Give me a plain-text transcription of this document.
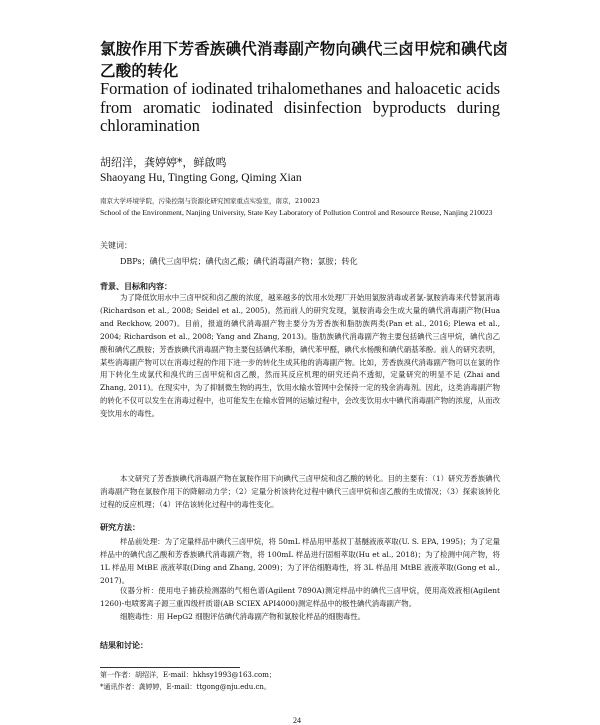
氯胺作用下芳香族碘代消毒副产物向碘代三卤甲烷和碘代卤乙酸的转化
Formation of iodinated trihalomethanes and haloacetic acids from aromatic iodinated disinfection byproducts during chloramination
胡绍洋，龚婷婷*，鲜啟鸣
Shaoyang Hu, Tingting Gong, Qiming Xian
南京大学环境学院，污染控制与资源化研究国家重点实验室，南京，210023
School of the Environment, Nanjing University, State Key Laboratory of Pollution Control and Resource Reuse, Nanjing 210023
关键词：
DBPs；碘代三卤甲烷；碘代卤乙酸；碘代消毒副产物；氯胺；转化
背景、目标和内容：

为了降低饮用水中三卤甲烷和卤乙酸的浓度，越来越多的饮用水处理厂开始用氯胺消毒或者氯-氯胺消毒来代替氯消毒(Richardson et al., 2008; Seidel et al., 2005)。然而前人的研究发现，氯胺消毒会生成大量的碘代消毒副产物(Hua and Reckhow, 2007)。目前，报道的碘代消毒副产物主要分为芳香族和脂肪族两类(Pan et al., 2016; Plewa et al., 2004; Richardson et al., 2008; Yang and Zhang, 2013)。脂肪族碘代消毒副产物主要包括碘代三卤甲烷，碘代卤乙酸和碘代乙酰胺；芳香族碘代消毒副产物主要包括碘代苯酚，碘代苯甲醛，碘代水杨酸和碘代硝基苯酚。前人的研究表明，某些消毒副产物可以在消毒过程的作用下进一步的转化生成其他的消毒副产物。比如，芳香族溴代消毒副产物可以在氯的作用下转化生成氯代和溴代的三卤甲烷和卤乙酸，然而其反应机理的研究还尚不透彻，定量研究的明显不足 (Zhai and Zhang, 2011)。在现实中，为了抑制微生物的再生，饮用水输水管网中会保持一定的残余消毒剂。因此，这类消毒副产物的转化不仅可以发生在消毒过程中，也可能发生在输水管网的运输过程中，会改变饮用水中碘代消毒副产物的浓度，从而改变饮用水的毒性。

本文研究了芳香族碘代消毒副产物在氯胺作用下向碘代三卤甲烷和卤乙酸的转化。目的主要有：（1）研究芳香族碘代消毒副产物在氯胺作用下的降解动力学；（2）定量分析该转化过程中碘代三卤甲烷和卤乙酸的生成情况；（3）探索该转化过程的反应机理；（4）评估该转化过程中的毒性变化。

研究方法：

样品前处理：为了定量样品中碘代三卤甲烷，将 50mL 样品用甲基叔丁基醚液液萃取(U. S. EPA, 1995)；为了定量样品中的碘代卤乙酸和芳香族碘代消毒副产物，将 100mL 样品进行固相萃取(Hu et al., 2018)；为了检测中间产物，将 1L 样品用 MtBE 液液萃取(Ding and Zhang, 2009)；为了评估细胞毒性，将 3L 样品用 MtBE 液液萃取(Gong et al., 2017)。

仪器分析：使用电子捕获检测器的气相色谱(Agilent 7890A)测定样品中的碘代三卤甲烷，使用高效液相(Agilent 1260)-电喷雾离子源三重四级杆质谱(AB SCIEX API4000)测定样品中的极性碘代消毒副产物。

细胞毒性：用 HepG2 细胞评估碘代消毒副产物和氯胺化样品的细胞毒性。

结果和讨论：
第一作者：胡绍洋，E-mail：hkhsy1993@163.com；
*通讯作者：龚婷婷，E-mail：ttgong@nju.edu.cn。
24
